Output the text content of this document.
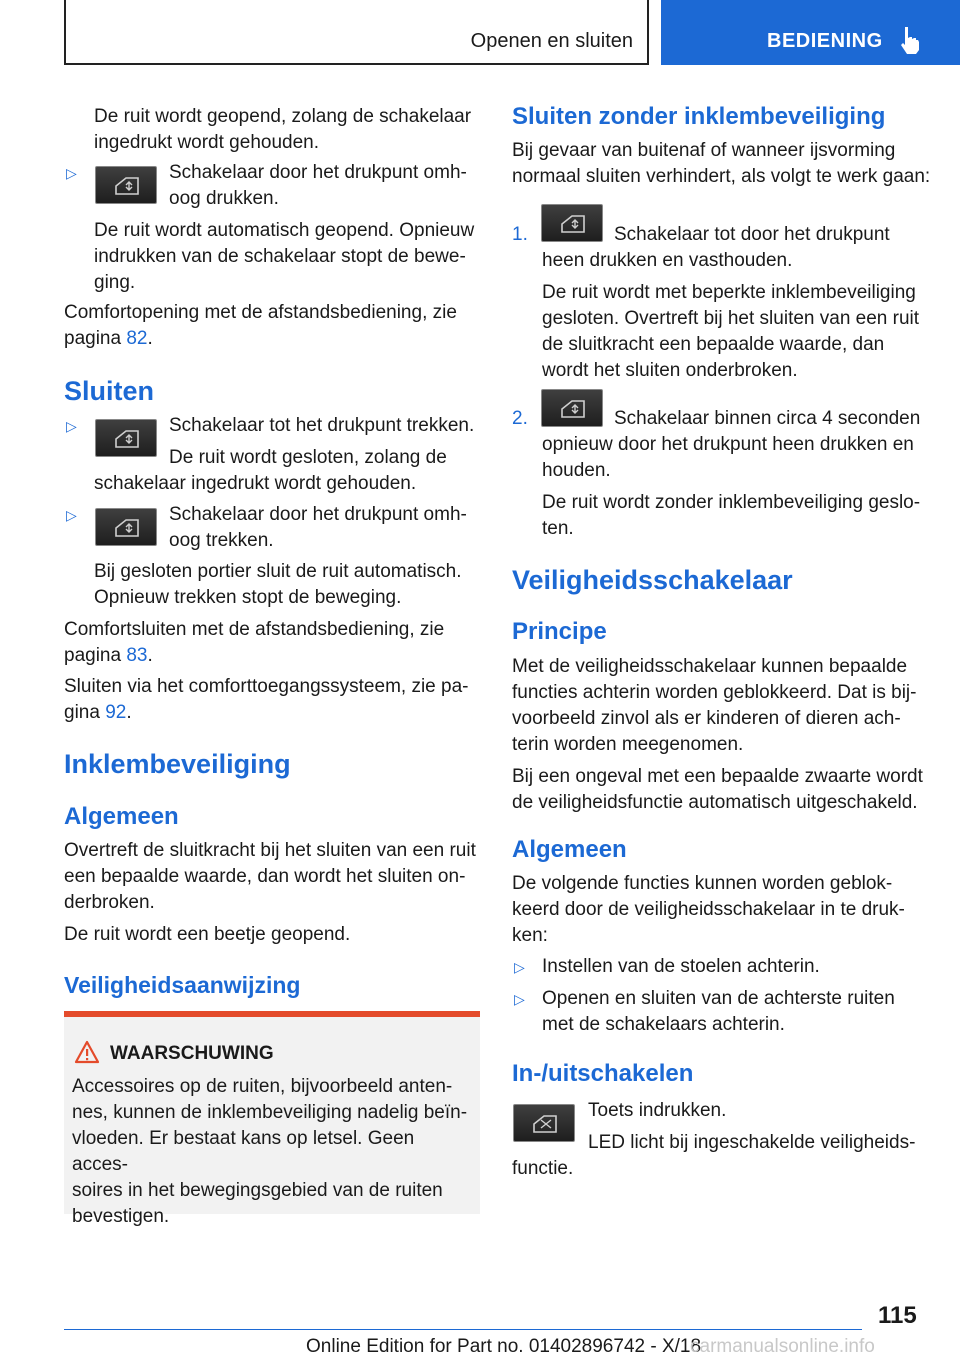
Openen en sluiten	BEDIENING

De ruit wordt geopend, zolang de schakelaar

ingedrukt wordt gehouden.

▷	Schakelaar door het drukpunt omh‐

oog drukken.

De ruit wordt automatisch geopend. Opnieuw

indrukken van de schakelaar stopt de bewe‐

ging.

Comfortopening met de afstandsbediening, zie

pagina 82.

Sluiten
▷	Schakelaar tot het drukpunt trekken.

De ruit wordt gesloten, zolang de

schakelaar ingedrukt wordt gehouden.

▷	Schakelaar door het drukpunt omh‐

oog trekken.

Bij gesloten portier sluit de ruit automatisch.

Opnieuw trekken stopt de beweging.

Comfortsluiten met de afstandsbediening, zie

pagina 83.

Sluiten via het comforttoegangssysteem, zie pa‐

gina 92.

Inklembeveiliging
Algemeen

Overtreft de sluitkracht bij het sluiten van een ruit

een bepaalde waarde, dan wordt het sluiten on‐

derbroken.

De ruit wordt een beetje geopend.

Veiligheidsaanwijzing
WAARSCHUWING

Accessoires op de ruiten, bijvoorbeeld anten‐

nes, kunnen de inklembeveiliging nadelig beïn‐

vloeden. Er bestaat kans op letsel. Geen acces‐

soires in het bewegingsgebied van de ruiten

bevestigen.

Sluiten zonder inklembeveiliging

Bij gevaar van buitenaf of wanneer ijsvorming

normaal sluiten verhindert, als volgt te werk gaan:

1.	Schakelaar tot door het drukpunt

heen drukken en vasthouden.

De ruit wordt met beperkte inklembeveiliging

gesloten. Overtreft bij het sluiten van een ruit

de sluitkracht een bepaalde waarde, dan

wordt het sluiten onderbroken.

2.	Schakelaar binnen circa 4 seconden

opnieuw door het drukpunt heen drukken en

houden.

De ruit wordt zonder inklembeveiliging geslo‐

ten.

Veiligheidsschakelaar
Principe

Met de veiligheidsschakelaar kunnen bepaalde

functies achterin worden geblokkeerd. Dat is bij‐

voorbeeld zinvol als er kinderen of dieren ach‐

terin worden meegenomen.

Bij een ongeval met een bepaalde zwaarte wordt

de veiligheidsfunctie automatisch uitgeschakeld.

Algemeen

De volgende functies kunnen worden geblok‐

keerd door de veiligheidsschakelaar in te druk‐

ken:

▷ Instellen van de stoelen achterin.

▷ Openen en sluiten van de achterste ruiten

met de schakelaars achterin.

In-/uitschakelen

Toets indrukken.

LED licht bij ingeschakelde veiligheids‐

functie.

115
Online Edition for Part no. 01402896742 - X/18
carmanualsonline.info
